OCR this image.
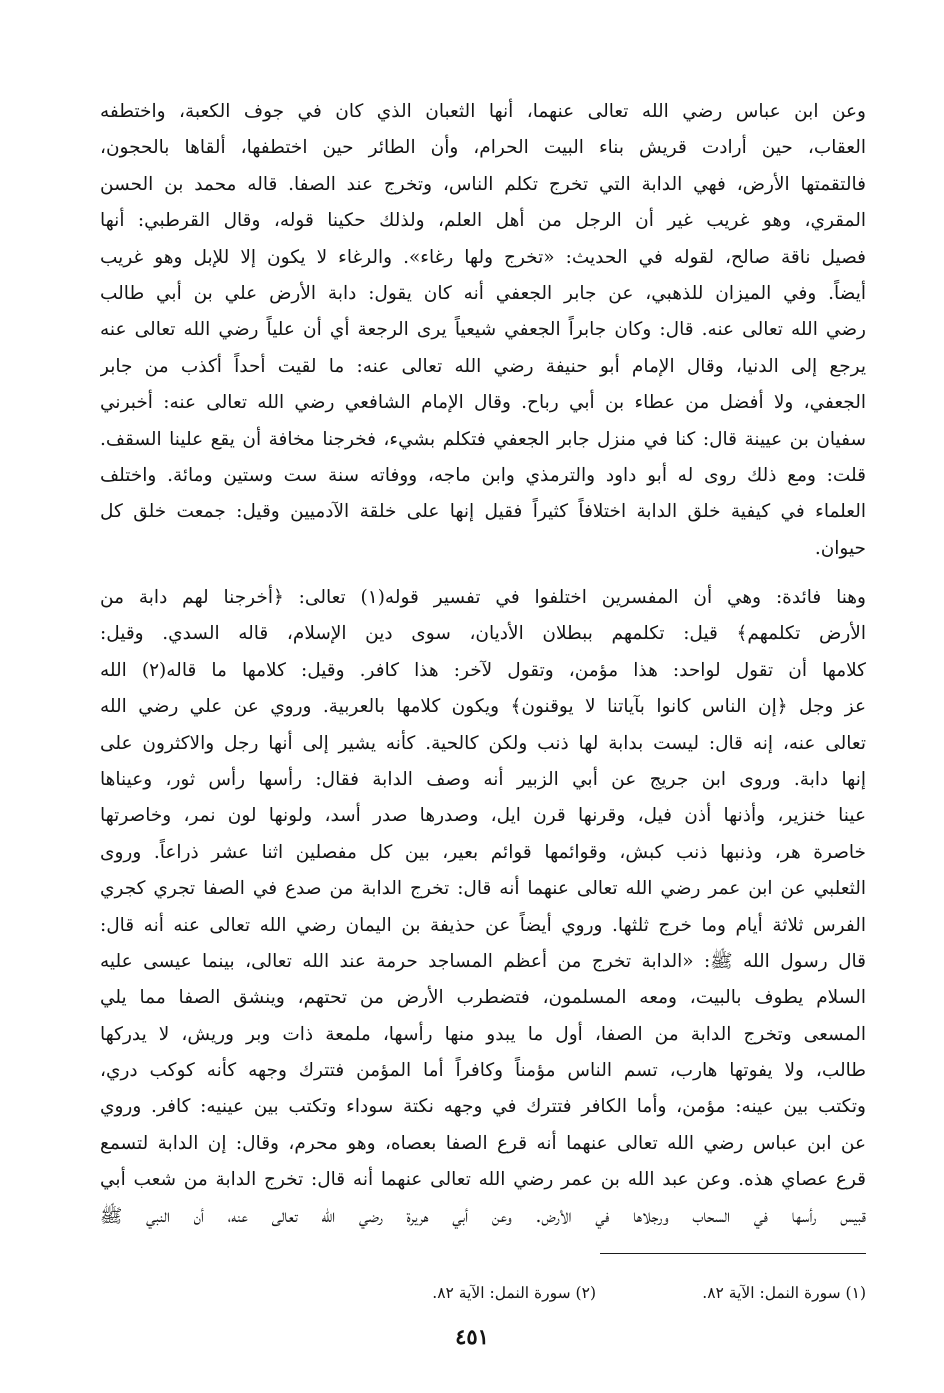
وعن ابن عباس رضي الله تعالى عنهما، أنها الثعبان الذي كان في جوف الكعبة، واختطفه
العقاب، حين أرادت قريش بناء البيت الحرام، وأن الطائر حين اختطفها، ألقاها بالحجون،
فالتقمتها الأرض، فهي الدابة التي تخرج تكلم الناس، وتخرج عند الصفا. قاله محمد بن الحسن
المقري، وهو غريب غير أن الرجل من أهل العلم، ولذلك حكينا قوله، وقال القرطبي: أنها
فصيل ناقة صالح، لقوله في الحديث: «تخرج ولها رغاء». والرغاء لا يكون إلا للإبل وهو غريب
أيضاً. وفي الميزان للذهبي، عن جابر الجعفي أنه كان يقول: دابة الأرض علي بن أبي طالب
رضي الله تعالى عنه. قال: وكان جابراً الجعفي شيعياً يرى الرجعة أي أن علياً رضي الله تعالى عنه
يرجع إلى الدنيا، وقال الإمام أبو حنيفة رضي الله تعالى عنه: ما لقيت أحداً أكذب من جابر
الجعفي، ولا أفضل من عطاء بن أبي رباح. وقال الإمام الشافعي رضي الله تعالى عنه: أخبرني
سفيان بن عيينة قال: كنا في منزل جابر الجعفي فتكلم بشيء، فخرجنا مخافة أن يقع علينا السقف.
قلت: ومع ذلك روى له أبو داود والترمذي وابن ماجه، ووفاته سنة ست وستين ومائة. واختلف
العلماء في كيفية خلق الدابة اختلافاً كثيراً فقيل إنها على خلقة الآدميين وقيل: جمعت خلق كل
حيوان.
وهنا فائدة: وهي أن المفسرين اختلفوا في تفسير قوله(١) تعالى: ﴿أخرجنا لهم دابة من
الأرض تكلمهم﴾ قيل: تكلمهم ببطلان الأديان، سوى دين الإسلام، قاله السدي. وقيل:
كلامها أن تقول لواحد: هذا مؤمن، وتقول لآخر: هذا كافر. وقيل: كلامها ما قاله(٢) الله
عز وجل ﴿إن الناس كانوا بآياتنا لا يوقنون﴾ ويكون كلامها بالعربية. وروي عن علي رضي الله
تعالى عنه، إنه قال: ليست بدابة لها ذنب ولكن كالحية. كأنه يشير إلى أنها رجل والاكثرون على
إنها دابة. وروى ابن جريج عن أبي الزبير أنه وصف الدابة فقال: رأسها رأس ثور، وعيناها
عينا خنزير، وأذنها أذن فيل، وقرنها قرن ايل، وصدرها صدر أسد، ولونها لون نمر، وخاصرتها
خاصرة هر، وذنبها ذنب كبش، وقوائمها قوائم بعير، بين كل مفصلين اثنا عشر ذراعاً. وروى
الثعلبي عن ابن عمر رضي الله تعالى عنهما أنه قال: تخرج الدابة من صدع في الصفا تجري كجري
الفرس ثلاثة أيام وما خرج ثلثها. وروي أيضاً عن حذيفة بن اليمان رضي الله تعالى عنه أنه قال:
قال رسول الله ﷺ: «الدابة تخرج من أعظم المساجد حرمة عند الله تعالى، بينما عيسى عليه
السلام يطوف بالبيت، ومعه المسلمون، فتضطرب الأرض من تحتهم، وينشق الصفا مما يلي
المسعى وتخرج الدابة من الصفا، أول ما يبدو منها رأسها، ملمعة ذات وبر وريش، لا يدركها
طالب، ولا يفوتها هارب، تسم الناس مؤمناً وكافراً أما المؤمن فتترك وجهه كأنه كوكب دري،
وتكتب بين عينه: مؤمن، وأما الكافر فتترك في وجهه نكتة سوداء وتكتب بين عينيه: كافر. وروي
عن ابن عباس رضي الله تعالى عنهما أنه قرع الصفا بعصاه، وهو محرم، وقال: إن الدابة لتسمع
قرع عصاي هذه. وعن عبد الله بن عمر رضي الله تعالى عنهما أنه قال: تخرج الدابة من شعب أبي
قبيس رأسها في السحاب ورجلاها في الأرض. وعن أبي هريرة رضي الله تعالى عنه، أن النبي ﷺ
(١) سورة النمل: الآية ٨٢.
(٢) سورة النمل: الآية ٨٢.
٤٥١
